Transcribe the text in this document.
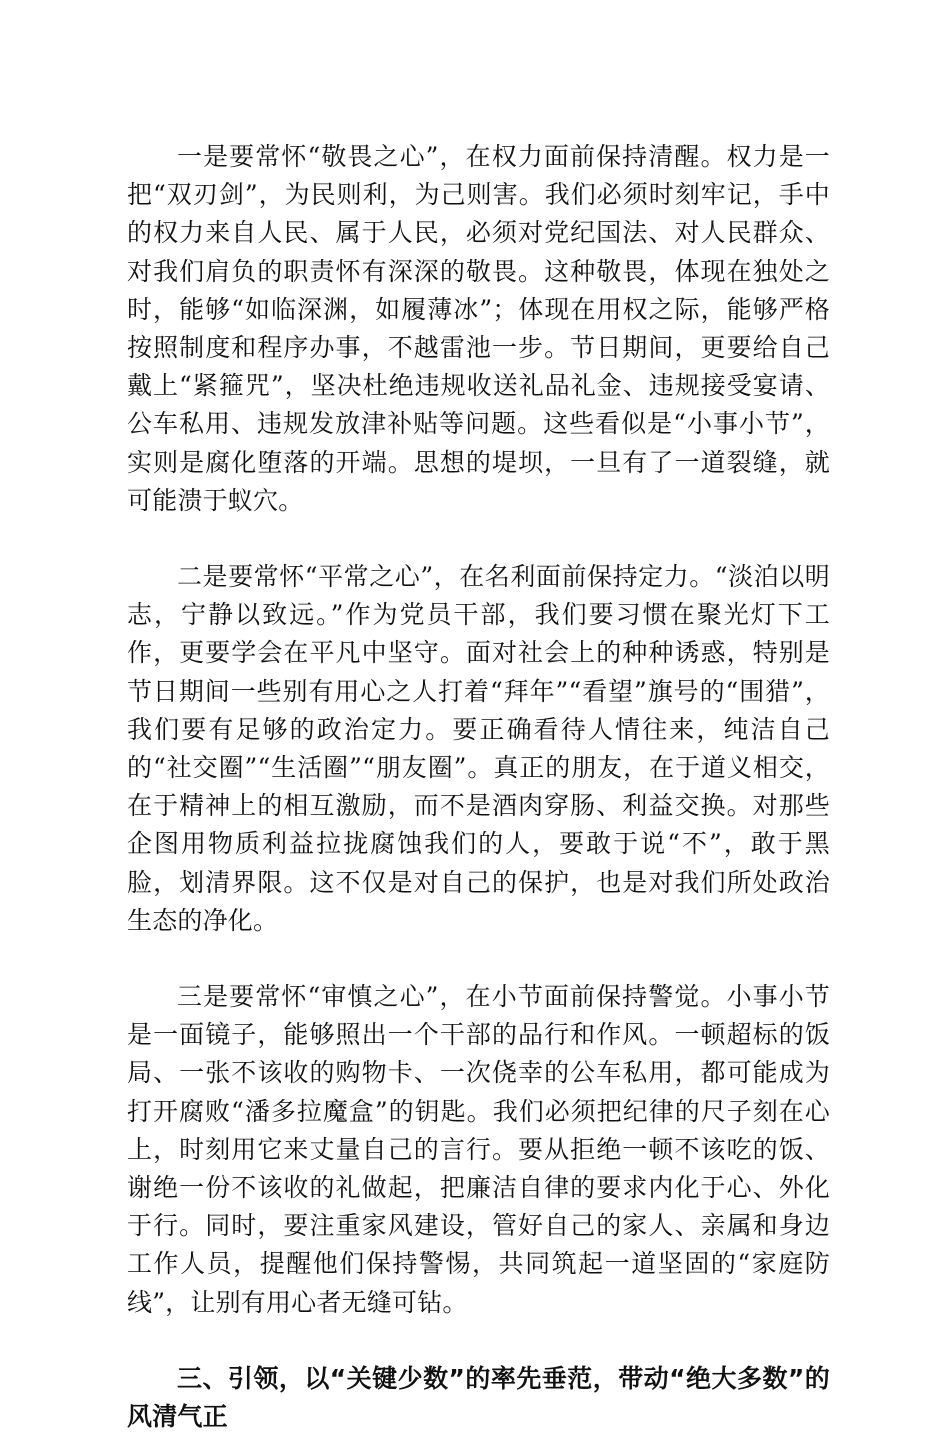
一是要常怀“敬畏之心”，在权力面前保持清醒。权力是一把“双刃剑”，为民则利，为己则害。我们必须时刻牢记，手中的权力来自人民、属于人民，必须对党纪国法、对人民群众、对我们肩负的职责怀有深深的敬畏。这种敬畏，体现在独处之时，能够“如临深渊，如履薄冰”；体现在用权之际，能够严格按照制度和程序办事，不越雷池一步。节日期间，更要给自己戴上“紧箍咒”，坚决杜绝违规收送礼品礼金、违规接受宴请、公车私用、违规发放津补贴等问题。这些看似是“小事小节”，实则是腐化堕落的开端。思想的堤坝，一旦有了一道裂缝，就可能溃于蚁穴。

二是要常怀“平常之心”，在名利面前保持定力。“淡泊以明志，宁静以致远。”作为党员干部，我们要习惯在聚光灯下工作，更要学会在平凡中坚守。面对社会上的种种诱惑，特别是节日期间一些别有用心之人打着“拜年”“看望”旗号的“围猎”，我们要有足够的政治定力。要正确看待人情往来，纯洁自己的“社交圈”“生活圈”“朋友圈”。真正的朋友，在于道义相交，在于精神上的相互激励，而不是酒肉穿肠、利益交换。对那些企图用物质利益拉拢腐蚀我们的人，要敢于说“不”，敢于黑脸，划清界限。这不仅是对自己的保护，也是对我们所处政治生态的净化。

三是要常怀“审慎之心”，在小节面前保持警觉。小事小节是一面镜子，能够照出一个干部的品行和作风。一顿超标的饭局、一张不该收的购物卡、一次侥幸的公车私用，都可能成为打开腐败“潘多拉魔盒”的钥匙。我们必须把纪律的尺子刻在心上，时刻用它来丈量自己的言行。要从拒绝一顿不该吃的饭、谢绝一份不该收的礼做起，把廉洁自律的要求内化于心、外化于行。同时，要注重家风建设，管好自己的家人、亲属和身边工作人员，提醒他们保持警惕，共同筑起一道坚固的“家庭防线”，让别有用心者无缝可钻。

三、引领，以“关键少数”的率先垂范，带动“绝大多数”的风清气正
